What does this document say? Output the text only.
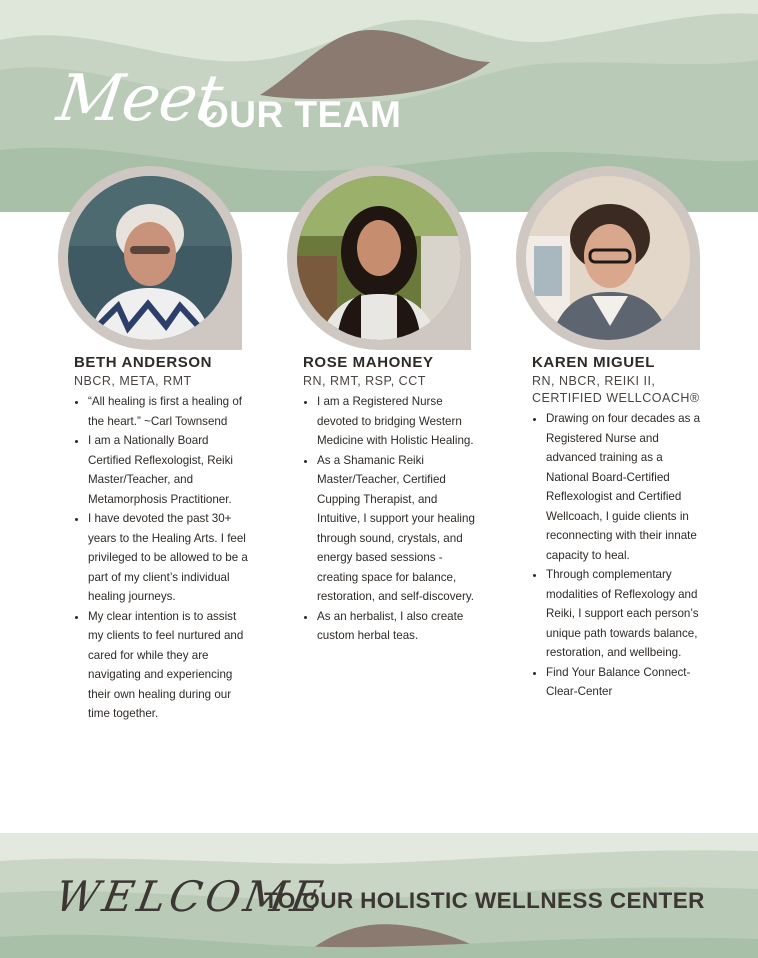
Meet
OUR TEAM
BETH ANDERSON
NBCR, META, RMT
• “All healing is first a healing of the heart.” ~Carl Townsend
• I am a Nationally Board Certified Reflexologist, Reiki Master/Teacher, and Metamorphosis Practitioner.
• I have devoted the past 30+ years to the Healing Arts. I feel privileged to be allowed to be a part of my client’s individual healing journeys.
• My clear intention is to assist my clients to feel nurtured and cared for while they are navigating and experiencing their own healing during our time together.
ROSE MAHONEY
RN, RMT, RSP, CCT
• I am a Registered Nurse devoted to bridging Western Medicine with Holistic Healing.
• As a Shamanic Reiki Master/Teacher, Certified Cupping Therapist, and Intuitive, I support your healing through sound, crystals, and energy based sessions - creating space for balance, restoration, and self-discovery.
• As an herbalist, I also create custom herbal teas.
KAREN MIGUEL
RN, NBCR, REIKI II,
CERTIFIED WELLCOACH®
• Drawing on four decades as a Registered Nurse and advanced training as a National Board-Certified Reflexologist and Certified Wellcoach, I guide clients in reconnecting with their innate capacity to heal.
• Through complementary modalities of Reflexology and Reiki, I support each person’s unique path towards balance, restoration, and wellbeing.
• Find Your Balance Connect-Clear-Center
WELCOME
TO OUR HOLISTIC WELLNESS CENTER
